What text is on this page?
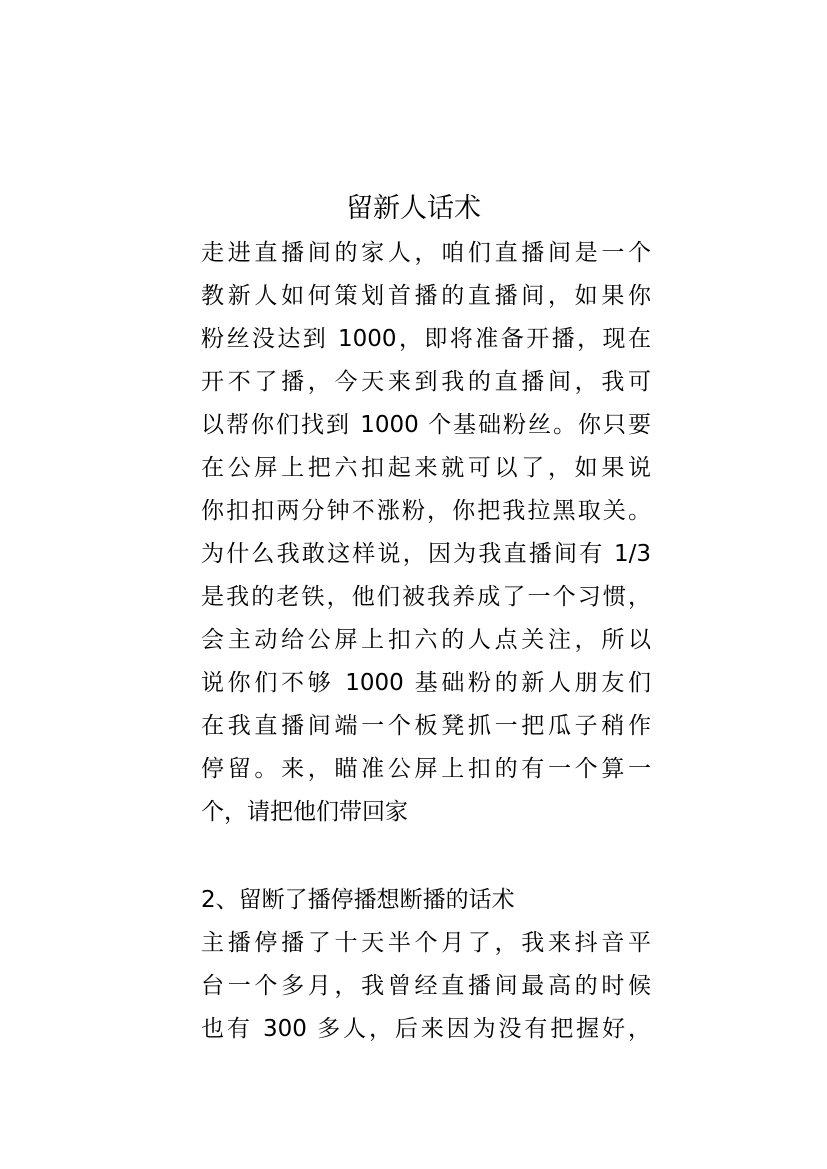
留新人话术

走进直播间的家人，咱们直播间是一个

教新人如何策划首播的直播间，如果你

粉丝没达到 1000，即将准备开播，现在

开不了播，今天来到我的直播间，我可

以帮你们找到 1000 个基础粉丝。你只要

在公屏上把六扣起来就可以了，如果说

你扣扣两分钟不涨粉，你把我拉黑取关。

为什么我敢这样说，因为我直播间有 1/3

是我的老铁，他们被我养成了一个习惯，

会主动给公屏上扣六的人点关注，所以

说你们不够 1000 基础粉的新人朋友们

在我直播间端一个板凳抓一把瓜子稍作

停留。来，瞄准公屏上扣的有一个算一

个，请把他们带回家

2、留断了播停播想断播的话术

主播停播了十天半个月了，我来抖音平

台一个多月，我曾经直播间最高的时候

也有 300 多人，后来因为没有把握好，
